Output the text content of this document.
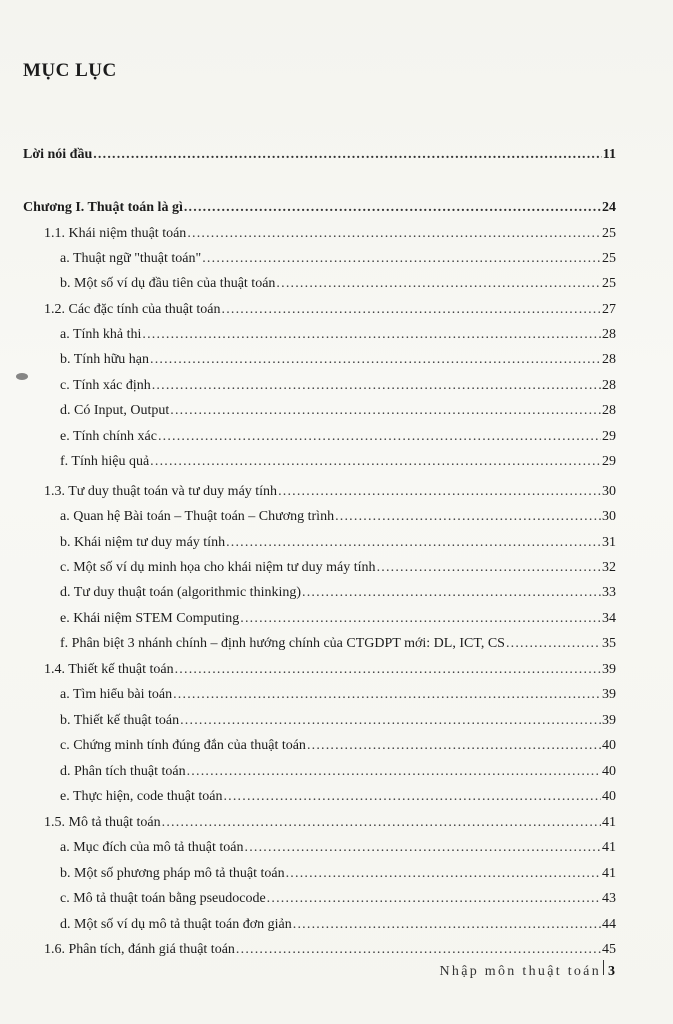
MỤC LỤC
Lời nói đầu .....	11
Chương I. Thuật toán là gì .....	24
1.1. Khái niệm thuật toán .....	25
a. Thuật ngữ "thuật toán" .....	25
b. Một số ví dụ đầu tiên của thuật toán .....	25
1.2. Các đặc tính của thuật toán .....	27
a. Tính khả thi .....	28
b. Tính hữu hạn .....	28
c. Tính xác định .....	28
d. Có Input, Output .....	28
e. Tính chính xác .....	29
f. Tính hiệu quả .....	29
1.3. Tư duy thuật toán và tư duy máy tính .....	30
a. Quan hệ Bài toán – Thuật toán – Chương trình .....	30
b. Khái niệm tư duy máy tính .....	31
c. Một số ví dụ minh họa cho khái niệm tư duy máy tính .....	32
d. Tư duy thuật toán (algorithmic thinking) .....	33
e. Khái niệm STEM Computing .....	34
f. Phân biệt 3 nhánh chính – định hướng chính của CTGDPT mới: DL, ICT, CS .....	35
1.4. Thiết kế thuật toán .....	39
a. Tìm hiểu bài toán .....	39
b. Thiết kế thuật toán .....	39
c. Chứng minh tính đúng đắn của thuật toán .....	40
d. Phân tích thuật toán .....	40
e. Thực hiện, code thuật toán .....	40
1.5. Mô tả thuật toán .....	41
a. Mục đích của mô tả thuật toán .....	41
b. Một số phương pháp mô tả thuật toán .....	41
c. Mô tả thuật toán bằng pseudocode .....	43
d. Một số ví dụ mô tả thuật toán đơn giản .....	44
1.6. Phân tích, đánh giá thuật toán .....	45
Nhập môn thuật toán 3
